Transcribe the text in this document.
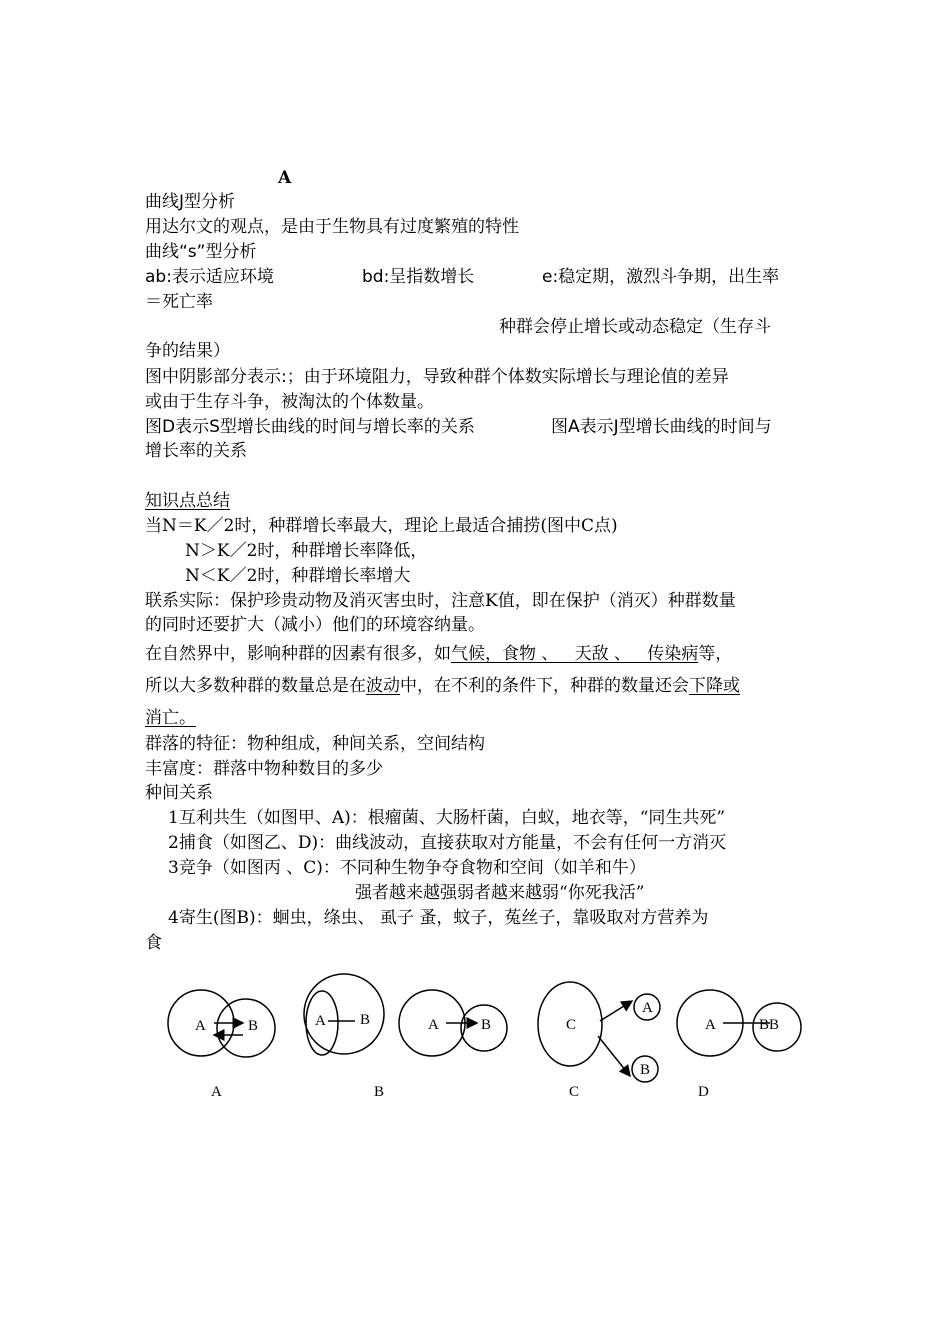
A
曲线J型分析
用达尔文的观点，是由于生物具有过度繁殖的特性
曲线“s”型分析
ab:表示适应环境	bd:呈指数增长	e:稳定期，激烈斗争期，出生率
＝死亡率
种群会停止增长或动态稳定（生存斗
争的结果）
图中阴影部分表示:；由于环境阻力，导致种群个体数实际增长与理论值的差异
或由于生存斗争，被淘汰的个体数量。
图D表示S型增长曲线的时间与增长率的关系	图A表示J型增长曲线的时间与
增长率的关系
知识点总结
当N＝K／2时，种群增长率最大，理论上最适合捕捞(图中C点)
N＞K／2时，种群增长率降低，
N＜K／2时，种群增长率增大
联系实际：保护珍贵动物及消灭害虫时，注意K值，即在保护（消灭）种群数量
的同时还要扩大（减小）他们的环境容纳量。
在自然界中，影响种群的因素有很多，如气候，食物 、   天敌 、   传染病等，
所以大多数种群的数量总是在波动中，在不利的条件下，种群的数量还会下降或
消亡。
群落的特征：物种组成，种间关系，空间结构
丰富度：群落中物种数目的多少
种间关系
1互利共生（如图甲、A)：根瘤菌、大肠杆菌，白蚁，地衣等，“同生共死”
2捕食（如图乙、D)：曲线波动，直接获取对方能量，不会有任何一方消灭
3竞争（如图丙 、C)：不同种生物争夺食物和空间（如羊和牛）
强者越来越强弱者越来越弱“你死我活”
4寄生(图B)：蛔虫，绦虫、 虱子 蚤，蚊子，菟丝子，靠吸取对方营养为
食
A	B	A B	A	B	C
A
B
A	BB
A	B	C	D
